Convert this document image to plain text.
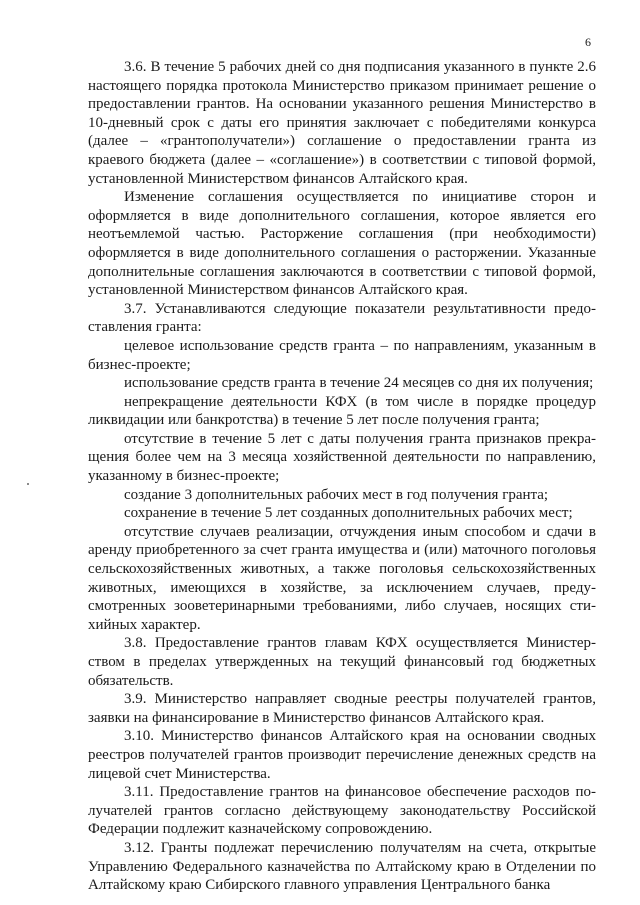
6

3.6. В течение 5 рабочих дней со дня подписания указанного в пункте 2.6 настоящего порядка протокола Министерство приказом принимает решение о предоставлении грантов. На основании указанного решения Министерство в 10-дневный срок с даты его принятия заключает с победителями конкурса (далее – «грантополучатели») соглашение о предоставлении гранта из краевого бюджета (далее – «соглашение») в соответствии с типовой формой, установленной Министерством финансов Алтайского края.

Изменение соглашения осуществляется по инициативе сторон и оформляется в виде дополнительного соглашения, которое является его неотъемлемой частью. Расторжение соглашения (при необходимости) оформляется в виде дополнительного соглашения о расторжении. Указанные дополнительные соглашения заключаются в соответствии с типовой формой, установленной Министерством финансов Алтайского края.

3.7. Устанавливаются следующие показатели результативности предоставления гранта:

целевое использование средств гранта – по направлениям, указанным в бизнес-проекте;

использование средств гранта в течение 24 месяцев со дня их получения;

непрекращение деятельности КФХ (в том числе в порядке процедур ликвидации или банкротства) в течение 5 лет после получения гранта;

отсутствие в течение 5 лет с даты получения гранта признаков прекращения более чем на 3 месяца хозяйственной деятельности по направлению, указанному в бизнес-проекте;

создание 3 дополнительных рабочих мест в год получения гранта;

сохранение в течение 5 лет созданных дополнительных рабочих мест;

отсутствие случаев реализации, отчуждения иным способом и сдачи в аренду приобретенного за счет гранта имущества и (или) маточного поголовья сельскохозяйственных животных, а также поголовья сельскохозяйственных животных, имеющихся в хозяйстве, за исключением случаев, предусмотренных зооветеринарными требованиями, либо случаев, носящих стихийных характер.

3.8. Предоставление грантов главам КФХ осуществляется Министерством в пределах утвержденных на текущий финансовый год бюджетных обязательств.

3.9. Министерство направляет сводные реестры получателей грантов, заявки на финансирование в Министерство финансов Алтайского края.

3.10. Министерство финансов Алтайского края на основании сводных реестров получателей грантов производит перечисление денежных средств на лицевой счет Министерства.

3.11. Предоставление грантов на финансовое обеспечение расходов получателей грантов согласно действующему законодательству Российской Федерации подлежит казначейскому сопровождению.

3.12. Гранты подлежат перечислению получателям на счета, открытые Управлению Федерального казначейства по Алтайскому краю в Отделении по Алтайскому краю Сибирского главного управления Центрального банка
